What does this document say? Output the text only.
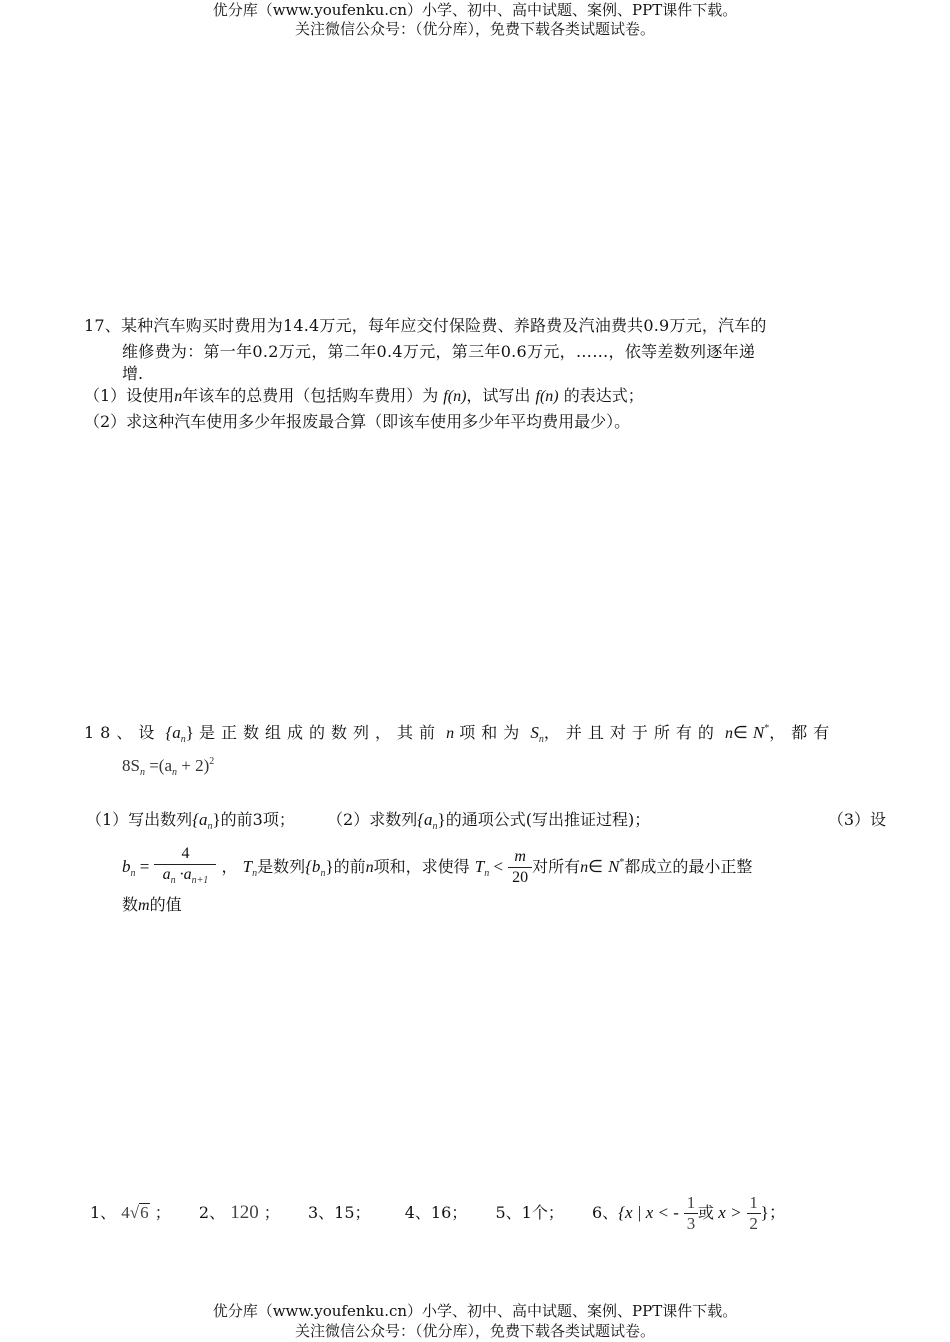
优分库（www.youfenku.cn）小学、初中、高中试题、案例、PPT课件下载。
关注微信公众号：（优分库），免费下载各类试题试卷。
17、某种汽车购买时费用为14.4万元，每年应交付保险费、养路费及汽油费共0.9万元，汽车的
维修费为：第一年0.2万元，第二年0.4万元，第三年0.6万元，……，依等差数列逐年递
增.
（1）设使用n年该车的总费用（包括购车费用）为 f(n)，试写出 f(n) 的表达式；
（2）求这种汽车使用多少年报废最合算（即该车使用多少年平均费用最少）。
18、设 $\{a_n\}$ 是正数组成的数列，其前 n 项和为 $S_n$，并且对于所有的 n∈ N*，都有
$8S_n =(a_n + 2)^2$
（1）写出数列$\{a_n\}$的前3项； （2）求数列$\{a_n\}$的通项公式(写出推证过程)；	（3）设
$b_n = \frac{4}{a_n \cdot a_{n+1}}$ ， $T_n$是数列$\{b_n\}$的前n项和，求使得 $T_n < \frac{m}{20}$ 对所有n∈ N*都成立的最小正整
数m的值
1、 4√6 ； 2、 120 ； 3、15； 4、16； 5、1个； 6、{x | x < - $\frac{1}{3}$ 或 $x > \frac{1}{2}$ }；
优分库（www.youfenku.cn）小学、初中、高中试题、案例、PPT课件下载。
关注微信公众号：（优分库），免费下载各类试题试卷。
